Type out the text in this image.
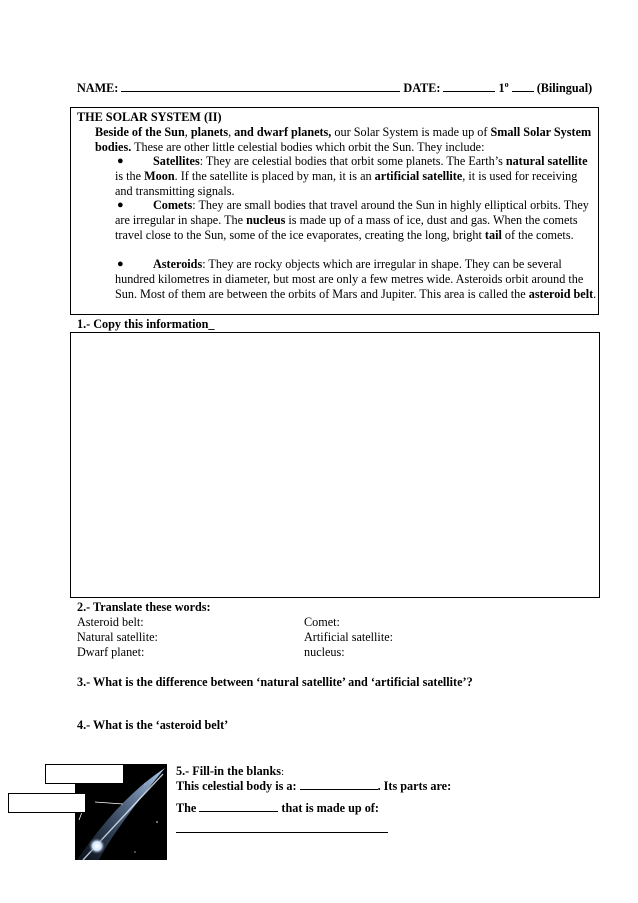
NAME:	DATE:	1$^o$ (Bilingual)
THE SOLAR SYSTEM (II)
Beside of the Sun, planets, and dwarf planets, our Solar System is made up of Small Solar System bodies. These are other little celestial bodies which orbit the Sun. They include:
●	Satellites: They are celestial bodies that orbit some planets. The Earth’s natural satellite is the Moon. If the satellite is placed by man, it is an artificial satellite, it is used for receiving and transmitting signals.
●	Comets: They are small bodies that travel around the Sun in highly elliptical orbits. They are irregular in shape. The nucleus is made up of a mass of ice, dust and gas. When the comets travel close to the Sun, some of the ice evaporates, creating the long, bright tail of the comets.
●	Asteroids: They are rocky objects which are irregular in shape. They can be several hundred kilometres in diameter, but most are only a few metres wide. Asteroids orbit around the Sun. Most of them are between the orbits of Mars and Jupiter. This area is called the asteroid belt.
1.- Copy this information_
2.- Translate these words:
Asteroid belt:	Comet:
Natural satellite:	Artificial satellite:
Dwarf planet:	nucleus:
3.- What is the difference between ‘natural satellite’ and ‘artificial satellite’?
4.- What is the ‘asteroid belt’
5.- Fill-in the blanks:
This celestial body is a:	. Its parts are:
The	that is made up of:
